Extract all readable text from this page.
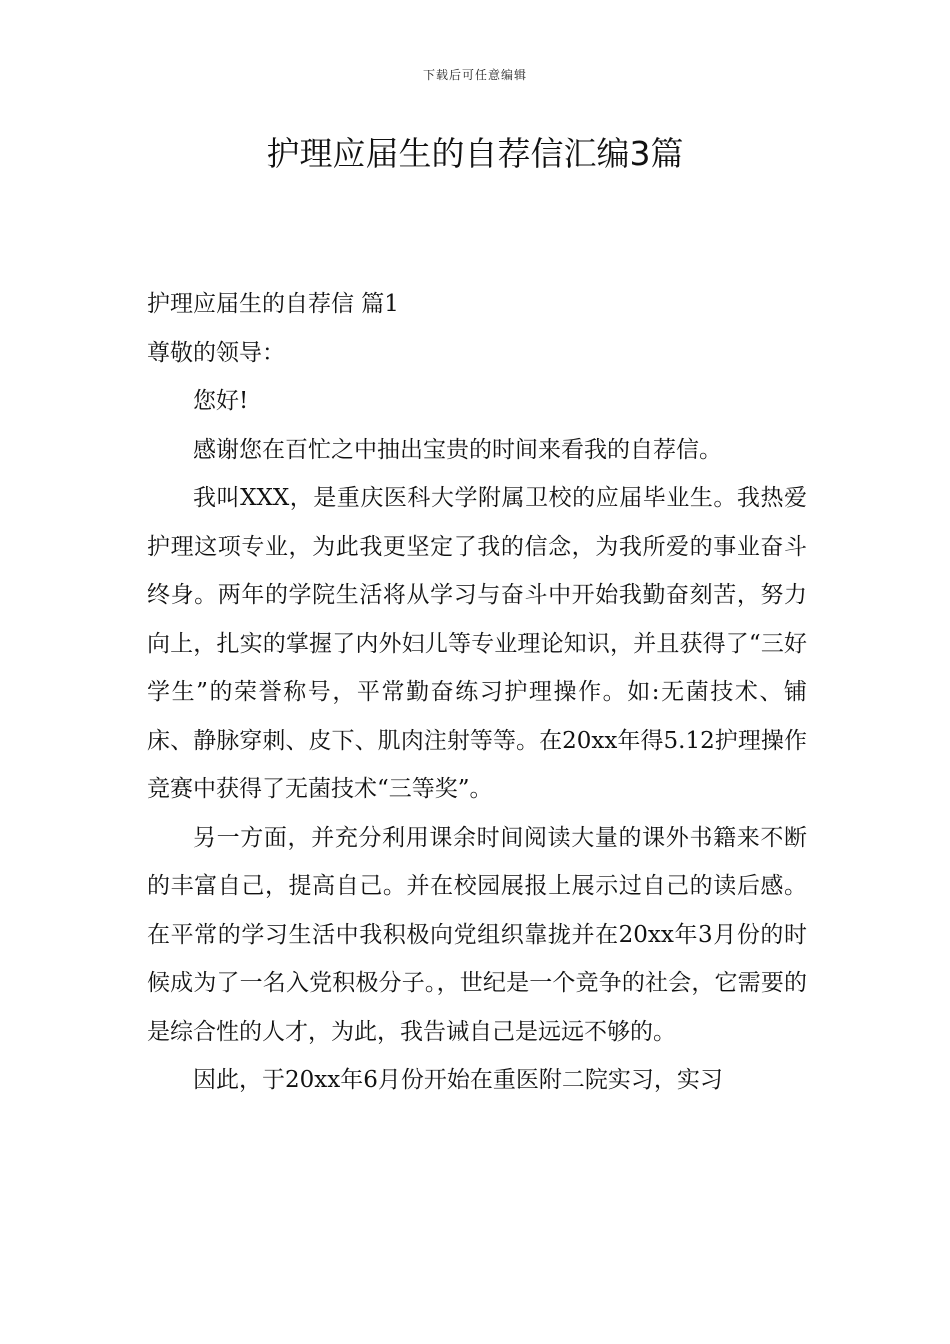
下载后可任意编辑
护理应届生的自荐信汇编3篇

护理应届生的自荐信 篇1

尊敬的领导：

您好!

感谢您在百忙之中抽出宝贵的时间来看我的自荐信。

我叫XXX，是重庆医科大学附属卫校的应届毕业生。我热爱护理这项专业，为此我更坚定了我的信念，为我所爱的事业奋斗终身。两年的学院生活将从学习与奋斗中开始我勤奋刻苦，努力向上，扎实的掌握了内外妇儿等专业理论知识，并且获得了“三好学生”的荣誉称号，平常勤奋练习护理操作。如:无菌技术、铺床、静脉穿刺、皮下、肌肉注射等等。在20xx年得5.12护理操作竞赛中获得了无菌技术“三等奖”。

另一方面，并充分利用课余时间阅读大量的课外书籍来不断的丰富自己，提高自己。并在校园展报上展示过自己的读后感。在平常的学习生活中我积极向党组织靠拢并在20xx年3月份的时候成为了一名入党积极分子。，世纪是一个竞争的社会，它需要的是综合性的人才，为此，我告诫自己是远远不够的。

因此，于20xx年6月份开始在重医附二院实习，实习
